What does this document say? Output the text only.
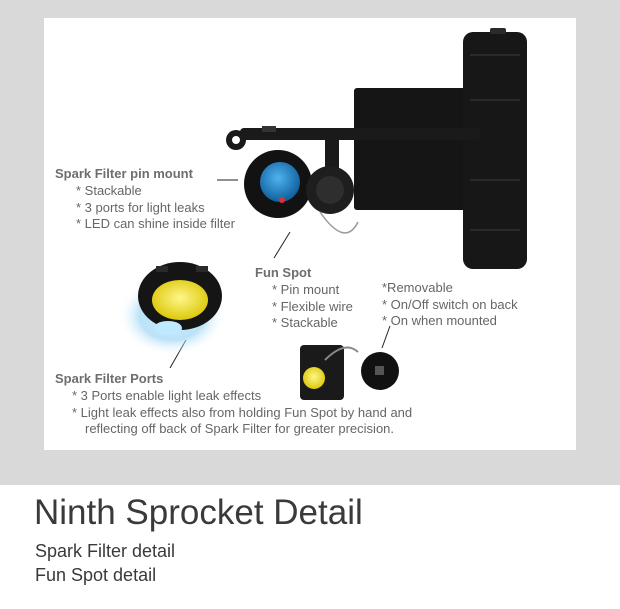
Spark Filter pin mount
* Stackable
* 3 ports for light leaks
* LED can shine inside filter
Fun Spot
* Pin mount
* Flexible wire
* Stackable
*Removable
* On/Off switch on back
* On when mounted
Spark Filter Ports
* 3 Ports enable light leak effects
* Light leak effects also from holding Fun Spot by hand and
reflecting off back of Spark Filter for greater precision.
Ninth Sprocket Detail
Spark Filter detail
Fun Spot detail
